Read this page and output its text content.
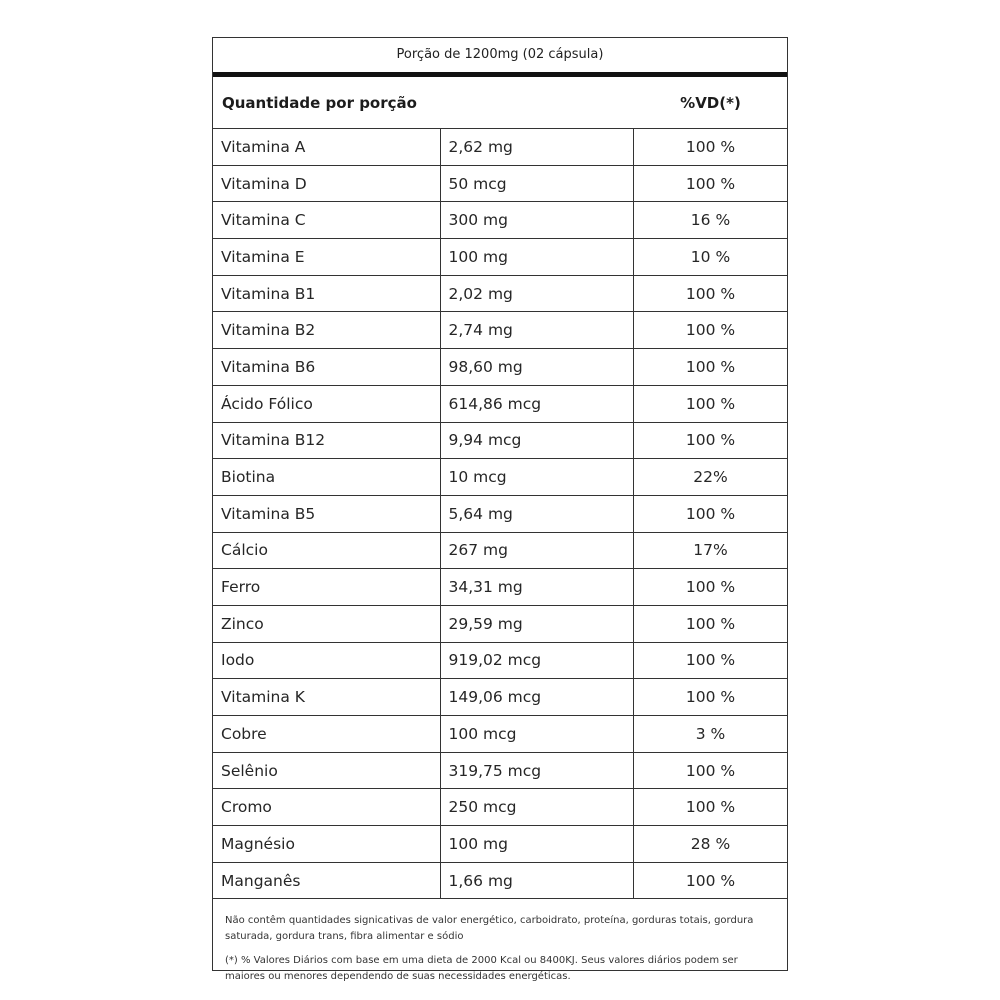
Porção de 1200mg (02 cápsula)
Quantidade por porção	%VD(*)
Vitamina A	2,62 mg	100 %
Vitamina D	50 mcg	100 %
Vitamina C	300 mg	16 %
Vitamina E	100 mg	10 %
Vitamina B1	2,02 mg	100 %
Vitamina B2	2,74 mg	100 %
Vitamina B6	98,60 mg	100 %
Ácido Fólico	614,86 mcg	100 %
Vitamina B12	9,94 mcg	100 %
Biotina	10 mcg	22%
Vitamina B5	5,64 mg	100 %
Cálcio	267 mg	17%
Ferro	34,31 mg	100 %
Zinco	29,59 mg	100 %
Iodo	919,02 mcg	100 %
Vitamina K	149,06 mcg	100 %
Cobre	100 mcg	3 %
Selênio	319,75 mcg	100 %
Cromo	250 mcg	100 %
Magnésio	100 mg	28 %
Manganês	1,66 mg	100 %

Não contêm quantidades signicativas de valor energético, carboidrato, proteína, gorduras totais, gordura saturada, gordura trans, fibra alimentar e sódio

(*) % Valores Diários com base em uma dieta de 2000 Kcal ou 8400KJ. Seus valores diários podem ser maiores ou menores dependendo de suas necessidades energéticas.
